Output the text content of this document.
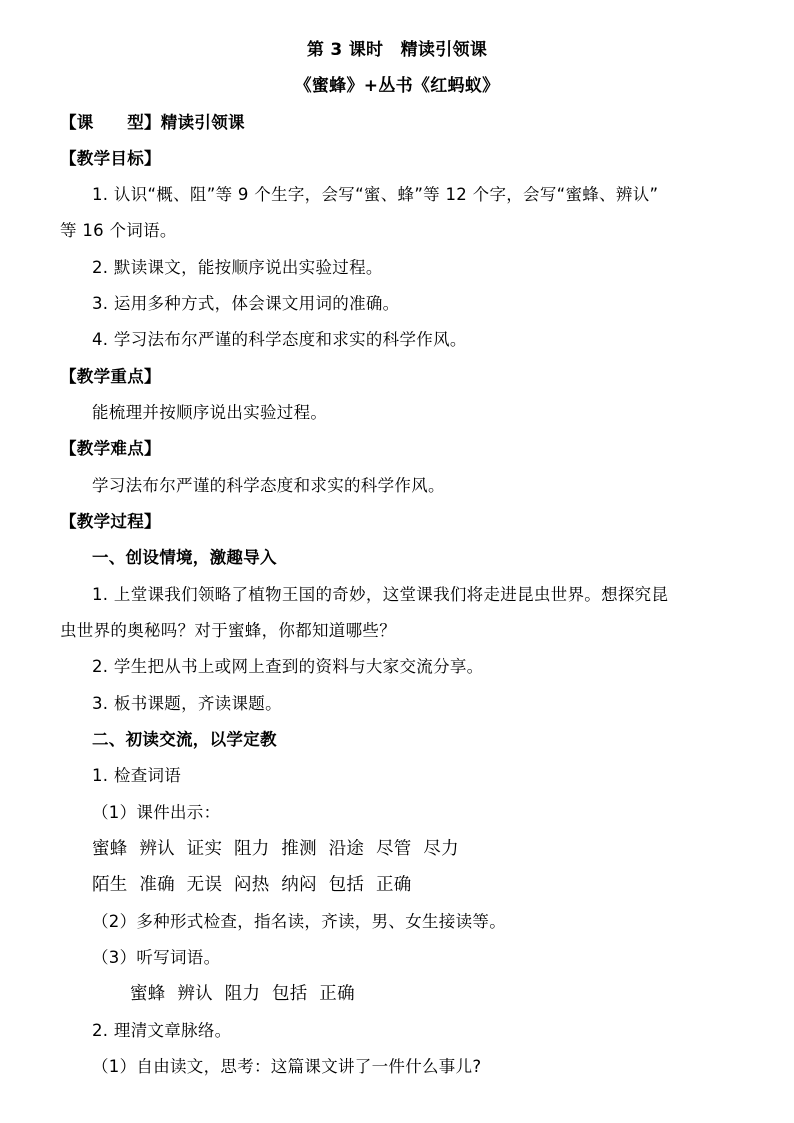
第 3 课时　精读引领课
《蜜蜂》+丛书《红蚂蚁》
【课　　型】精读引领课
【教学目标】
1. 认识“概、阻”等 9 个生字，会写“蜜、蜂”等 12 个字，会写“蜜蜂、辨认”
等 16 个词语。
2. 默读课文，能按顺序说出实验过程。
3. 运用多种方式，体会课文用词的准确。
4. 学习法布尔严谨的科学态度和求实的科学作风。
【教学重点】
能梳理并按顺序说出实验过程。
【教学难点】
学习法布尔严谨的科学态度和求实的科学作风。
【教学过程】
一、创设情境，激趣导入
1. 上堂课我们领略了植物王国的奇妙，这堂课我们将走进昆虫世界。想探究昆
虫世界的奥秘吗？对于蜜蜂，你都知道哪些？
2. 学生把从书上或网上查到的资料与大家交流分享。
3. 板书课题，齐读课题。
二、初读交流，以学定教
1. 检查词语
（1）课件出示：
蜜蜂  辨认  证实  阻力  推测  沿途  尽管  尽力
陌生  准确  无误  闷热  纳闷  包括  正确
（2）多种形式检查，指名读，齐读，男、女生接读等。
（3）听写词语。
蜜蜂  辨认  阻力  包括  正确
2. 理清文章脉络。
（1）自由读文，思考：这篇课文讲了一件什么事儿?
